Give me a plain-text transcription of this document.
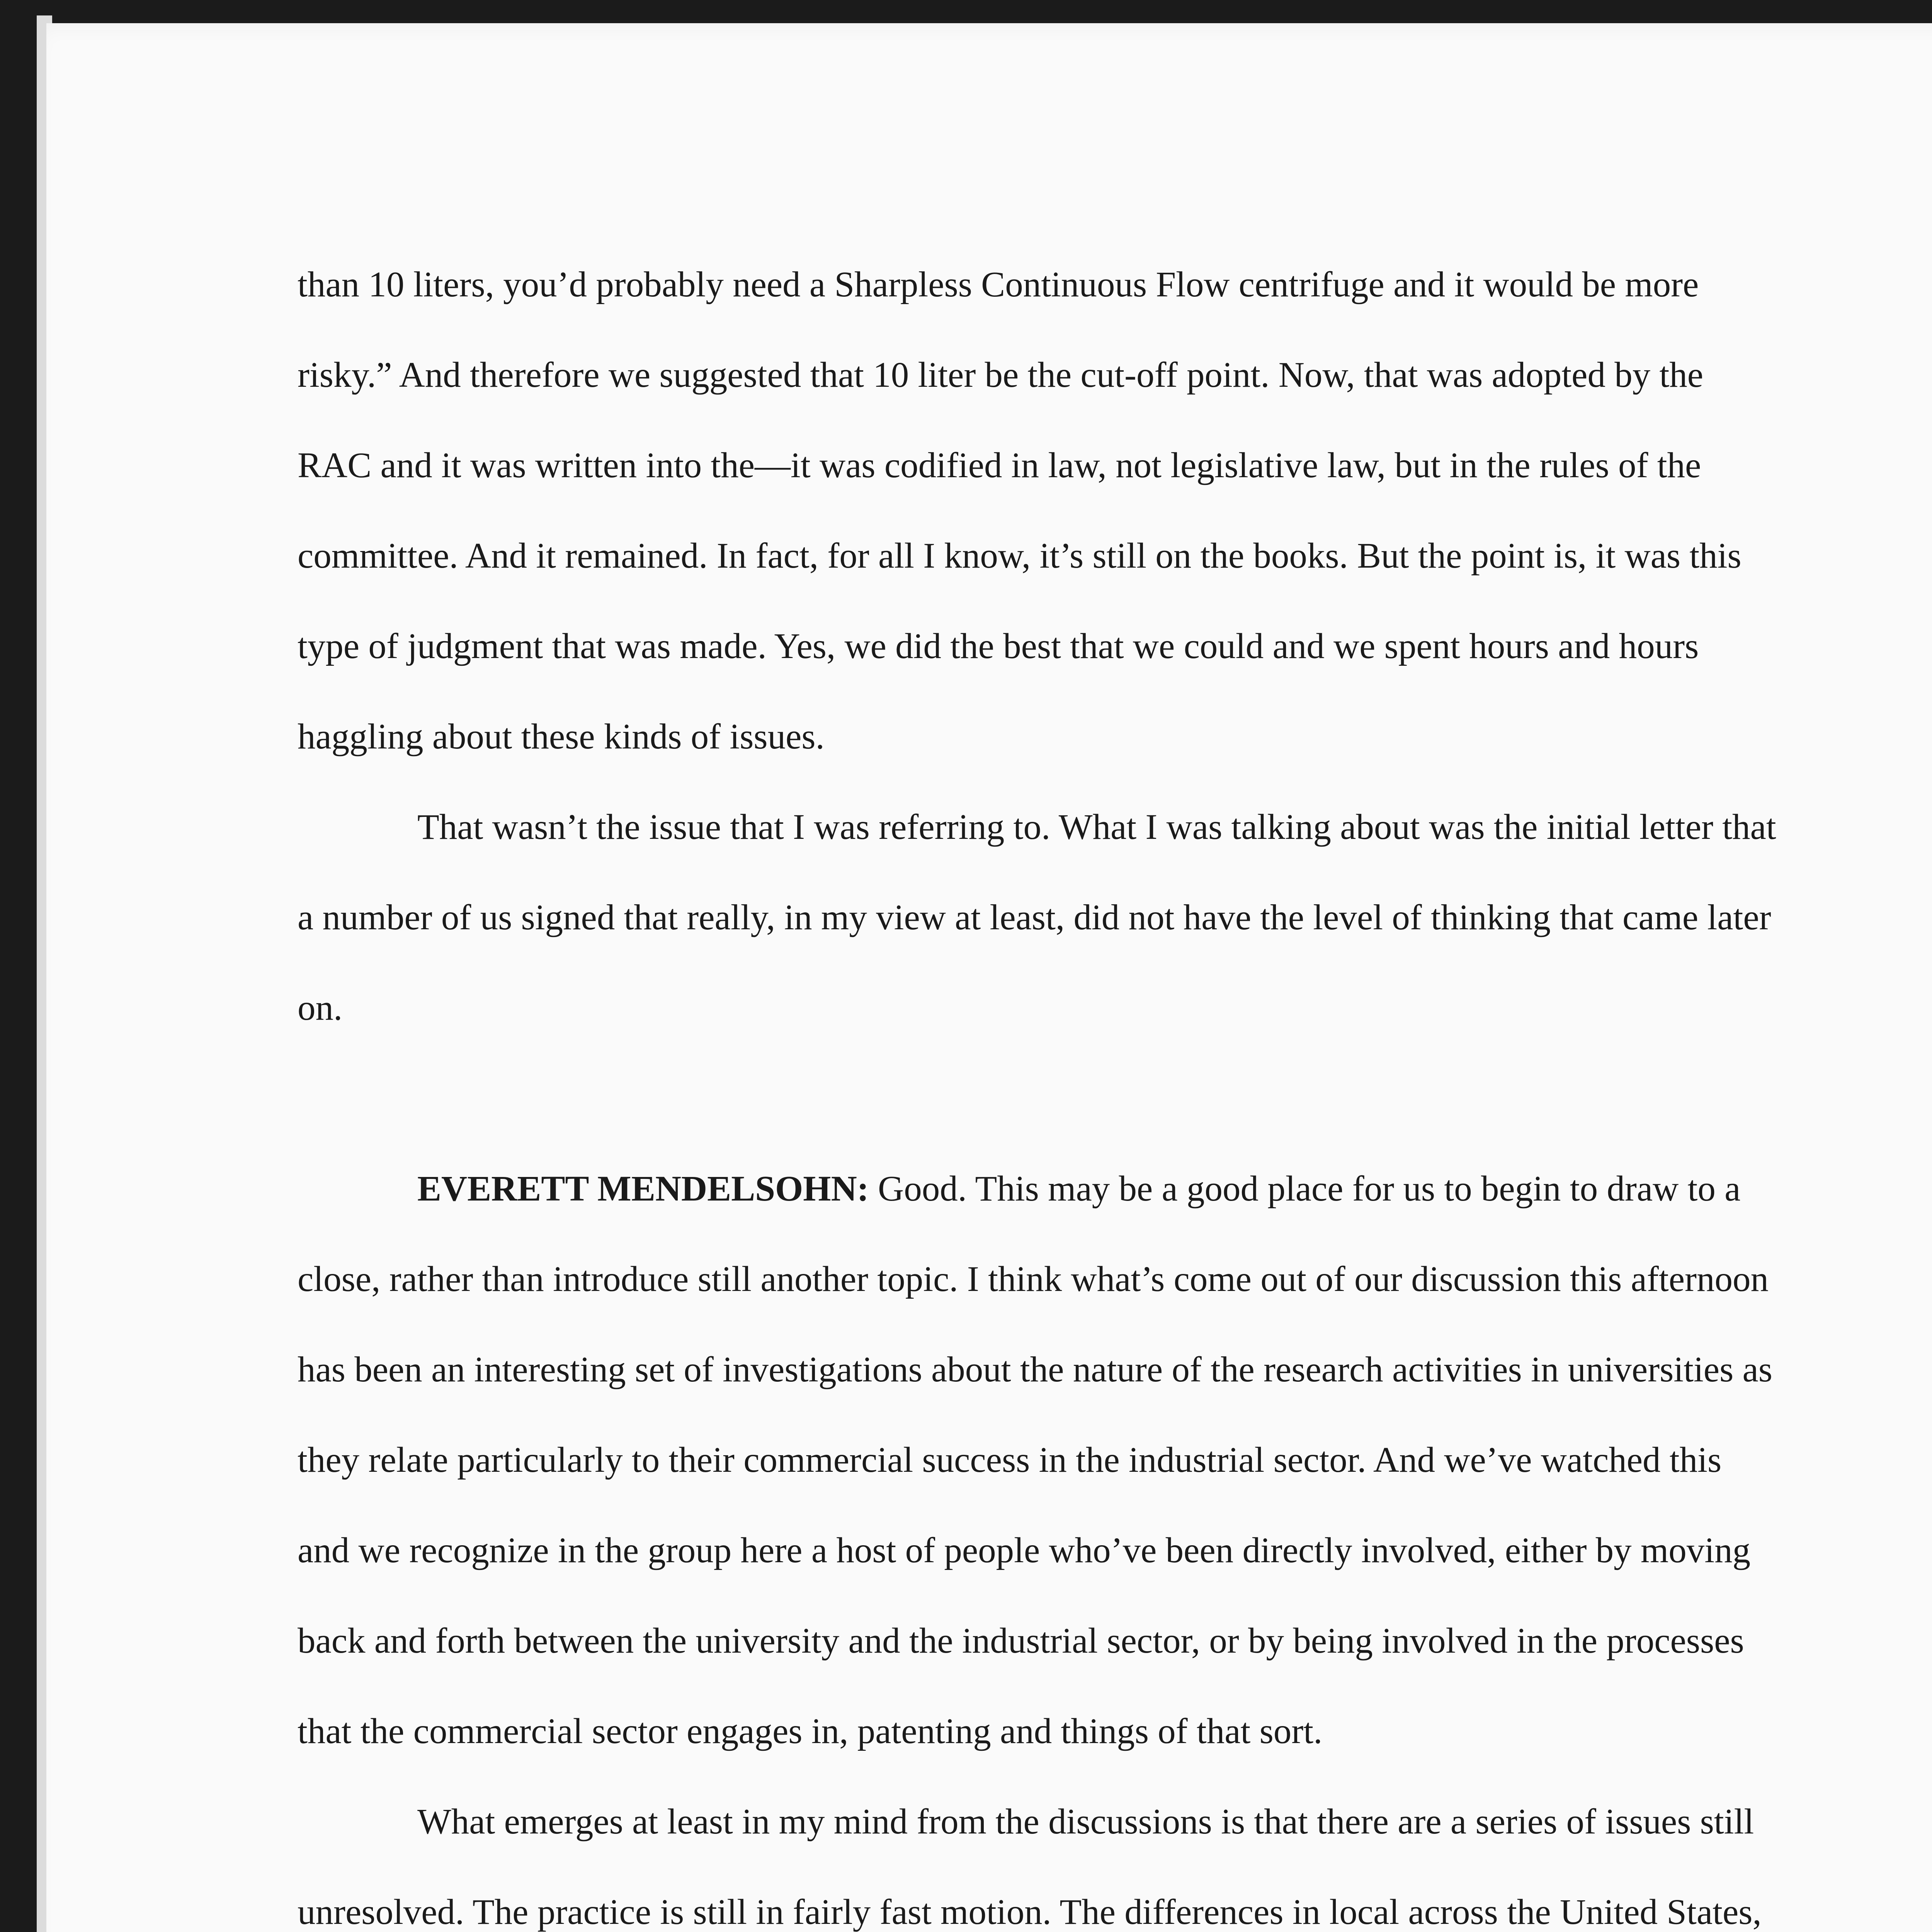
than 10 liters, you’d probably need a Sharpless Continuous Flow centrifuge and it would be more risky.” And therefore we suggested that 10 liter be the cut-off point. Now, that was adopted by the RAC and it was written into the—it was codified in law, not legislative law, but in the rules of the committee. And it remained. In fact, for all I know, it’s still on the books. But the point is, it was this type of judgment that was made. Yes, we did the best that we could and we spent hours and hours haggling about these kinds of issues.

That wasn’t the issue that I was referring to. What I was talking about was the initial letter that a number of us signed that really, in my view at least, did not have the level of thinking that came later on.

EVERETT MENDELSOHN: Good. This may be a good place for us to begin to draw to a close, rather than introduce still another topic. I think what’s come out of our discussion this afternoon has been an interesting set of investigations about the nature of the research activities in universities as they relate particularly to their commercial success in the industrial sector. And we’ve watched this and we recognize in the group here a host of people who’ve been directly involved, either by moving back and forth between the university and the industrial sector, or by being involved in the processes that the commercial sector engages in, patenting and things of that sort.

What emerges at least in my mind from the discussions is that there are a series of issues still unresolved. The practice is still in fairly fast motion. The differences in local across the United States,
